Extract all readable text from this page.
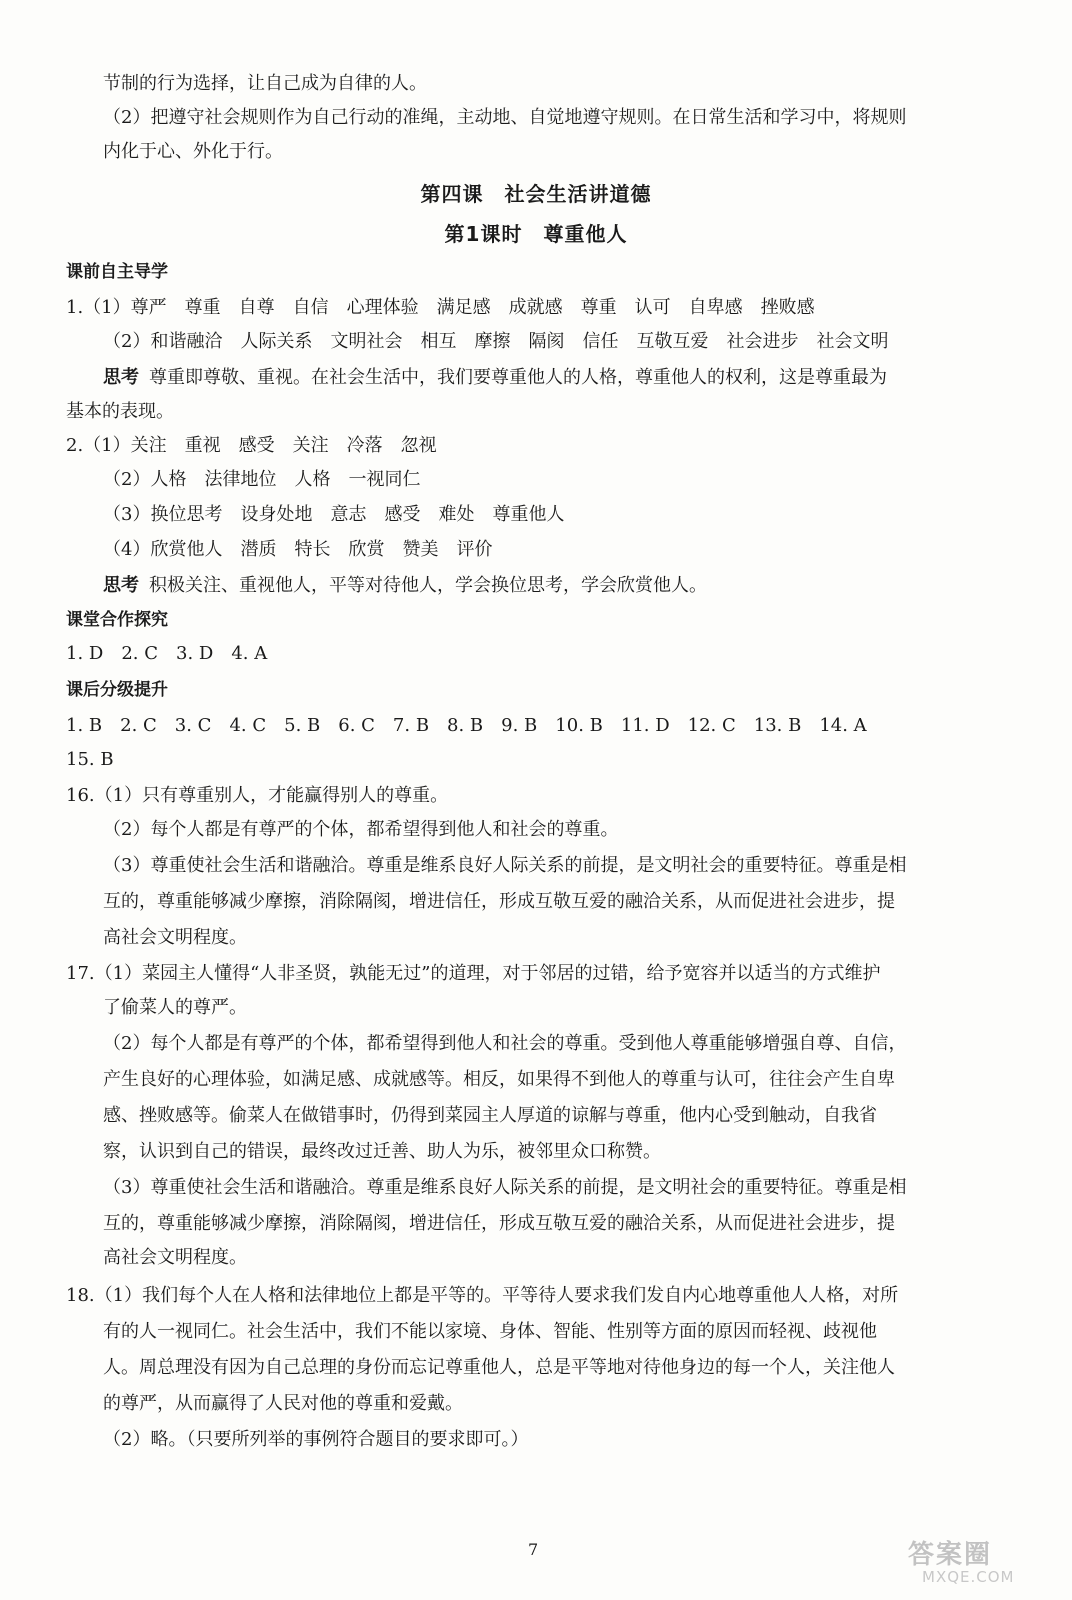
节制的行为选择，让自己成为自律的人。
（2）把遵守社会规则作为自己行动的准绳，主动地、自觉地遵守规则。在日常生活和学习中，将规则
内化于心、外化于行。
第四课　社会生活讲道德
第1课时　尊重他人
课前自主导学
1.（1）尊严　尊重　自尊　自信　心理体验　满足感　成就感　尊重　认可　自卑感　挫败感
（2）和谐融洽　人际关系　文明社会　相互　摩擦　隔阂　信任　互敬互爱　社会进步　社会文明
思考 尊重即尊敬、重视。在社会生活中，我们要尊重他人的人格，尊重他人的权利，这是尊重最为
基本的表现。
2.（1）关注　重视　感受　关注　冷落　忽视
（2）人格　法律地位　人格　一视同仁
（3）换位思考　设身处地　意志　感受　难处　尊重他人
（4）欣赏他人　潜质　特长　欣赏　赞美　评价
思考 积极关注、重视他人，平等对待他人，学会换位思考，学会欣赏他人。
课堂合作探究
1. D　2. C　3. D　4. A
课后分级提升
1. B　2. C　3. C　4. C　5. B　6. C　7. B　8. B　9. B　10. B　11. D　12. C　13. B　14. A
15. B
16.（1）只有尊重别人，才能赢得别人的尊重。
（2）每个人都是有尊严的个体，都希望得到他人和社会的尊重。
（3）尊重使社会生活和谐融洽。尊重是维系良好人际关系的前提，是文明社会的重要特征。尊重是相
互的，尊重能够减少摩擦，消除隔阂，增进信任，形成互敬互爱的融洽关系，从而促进社会进步，提
高社会文明程度。
17.（1）菜园主人懂得“人非圣贤，孰能无过”的道理，对于邻居的过错，给予宽容并以适当的方式维护
了偷菜人的尊严。
（2）每个人都是有尊严的个体，都希望得到他人和社会的尊重。受到他人尊重能够增强自尊、自信，
产生良好的心理体验，如满足感、成就感等。相反，如果得不到他人的尊重与认可，往往会产生自卑
感、挫败感等。偷菜人在做错事时，仍得到菜园主人厚道的谅解与尊重，他内心受到触动，自我省
察，认识到自己的错误，最终改过迁善、助人为乐，被邻里众口称赞。
（3）尊重使社会生活和谐融洽。尊重是维系良好人际关系的前提，是文明社会的重要特征。尊重是相
互的，尊重能够减少摩擦，消除隔阂，增进信任，形成互敬互爱的融洽关系，从而促进社会进步，提
高社会文明程度。
18.（1）我们每个人在人格和法律地位上都是平等的。平等待人要求我们发自内心地尊重他人人格，对所
有的人一视同仁。社会生活中，我们不能以家境、身体、智能、性别等方面的原因而轻视、歧视他
人。周总理没有因为自己总理的身份而忘记尊重他人，总是平等地对待他身边的每一个人，关注他人
的尊严，从而赢得了人民对他的尊重和爱戴。
（2）略。（只要所列举的事例符合题目的要求即可。）
7	答案圈
MXQE.COM
